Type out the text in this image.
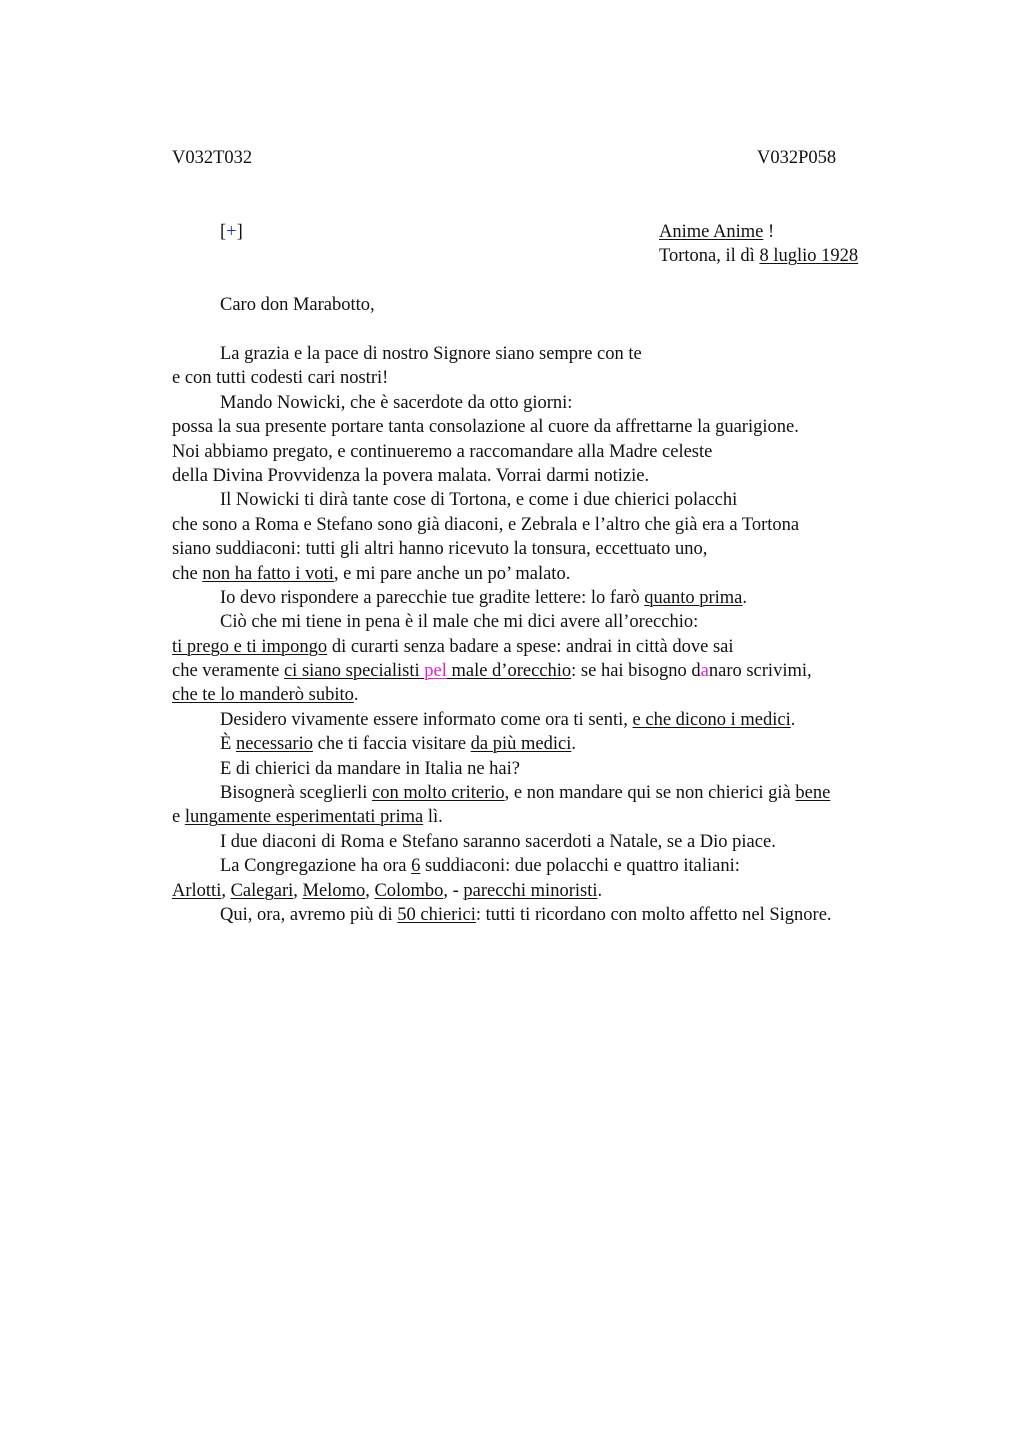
V032T032	V032P058
[+]	Anime Anime !
Tortona, il dì 8 luglio 1928
Caro don Marabotto,
La grazia e la pace di nostro Signore siano sempre con te
e con tutti codesti cari nostri!
Mando Nowicki, che è sacerdote da otto giorni:
possa la sua presente portare tanta consolazione al cuore da affrettarne la guarigione.
Noi abbiamo pregato, e continueremo a raccomandare alla Madre celeste
della Divina Provvidenza la povera malata. Vorrai darmi notizie.
Il Nowicki ti dirà tante cose di Tortona, e come i due chierici polacchi
che sono a Roma e Stefano sono già diaconi, e Zebrala e l’altro che già era a Tortona
siano suddiaconi: tutti gli altri hanno ricevuto la tonsura, eccettuato uno,
che non ha fatto i voti, e mi pare anche un po’ malato.
Io devo rispondere a parecchie tue gradite lettere: lo farò quanto prima.
Ciò che mi tiene in pena è il male che mi dici avere all’orecchio:
ti prego e ti impongo di curarti senza badare a spese: andrai in città dove sai
che veramente ci siano specialisti pel male d’orecchio: se hai bisogno danaro scrivimi,
che te lo manderò subito.
Desidero vivamente essere informato come ora ti senti, e che dicono i medici.
È necessario che ti faccia visitare da più medici.
E di chierici da mandare in Italia ne hai?
Bisognerà sceglierli con molto criterio, e non mandare qui se non chierici già bene
e lungamente esperimentati prima lì.
I due diaconi di Roma e Stefano saranno sacerdoti a Natale, se a Dio piace.
La Congregazione ha ora 6 suddiaconi: due polacchi e quattro italiani:
Arlotti, Calegari, Melomo, Colombo, - parecchi minoristi.
Qui, ora, avremo più di 50 chierici: tutti ti ricordano con molto affetto nel Signore.
